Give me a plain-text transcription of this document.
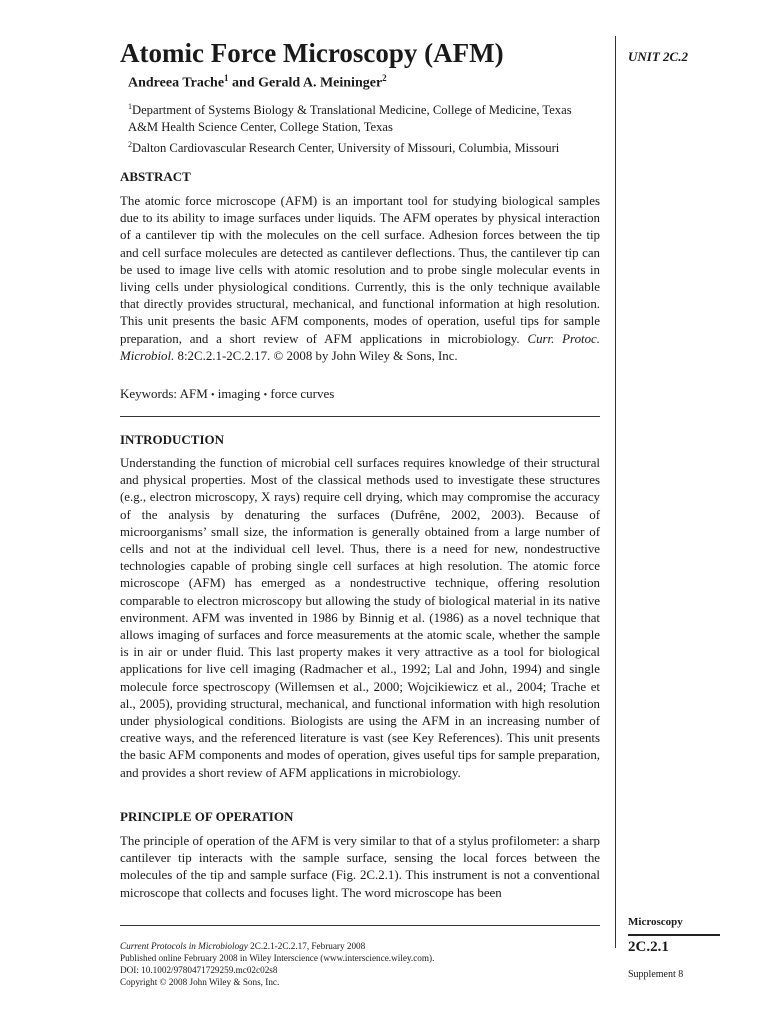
Atomic Force Microscopy (AFM)
Andreea Trache$^1$ and Gerald A. Meininger$^2$

$^1$Department of Systems Biology & Translational Medicine, College of Medicine, Texas A&M Health Science Center, College Station, Texas

$^2$Dalton Cardiovascular Research Center, University of Missouri, Columbia, Missouri

UNIT 2C.2
ABSTRACT

The atomic force microscope (AFM) is an important tool for studying biological samples due to its ability to image surfaces under liquids. The AFM operates by physical interaction of a cantilever tip with the molecules on the cell surface. Adhesion forces between the tip and cell surface molecules are detected as cantilever deflections. Thus, the cantilever tip can be used to image live cells with atomic resolution and to probe single molecular events in living cells under physiological conditions. Currently, this is the only technique available that directly provides structural, mechanical, and functional information at high resolution. This unit presents the basic AFM components, modes of operation, useful tips for sample preparation, and a short review of AFM applications in microbiology. Curr. Protoc. Microbiol. 8:2C.2.1-2C.2.17. © 2008 by John Wiley & Sons, Inc.

Keywords: AFM • imaging • force curves
INTRODUCTION

Understanding the function of microbial cell surfaces requires knowledge of their structural and physical properties. Most of the classical methods used to investigate these structures (e.g., electron microscopy, X rays) require cell drying, which may compromise the accuracy of the analysis by denaturing the surfaces (Dufrêne, 2002, 2003). Because of microorganisms’ small size, the information is generally obtained from a large number of cells and not at the individual cell level. Thus, there is a need for new, nondestructive technologies capable of probing single cell surfaces at high resolution. The atomic force microscope (AFM) has emerged as a nondestructive technique, offering resolution comparable to electron microscopy but allowing the study of biological material in its native environment. AFM was invented in 1986 by Binnig et al. (1986) as a novel technique that allows imaging of surfaces and force measurements at the atomic scale, whether the sample is in air or under fluid. This last property makes it very attractive as a tool for biological applications for live cell imaging (Radmacher et al., 1992; Lal and John, 1994) and single molecule force spectroscopy (Willemsen et al., 2000; Wojcikiewicz et al., 2004; Trache et al., 2005), providing structural, mechanical, and functional information with high resolution under physiological conditions. Biologists are using the AFM in an increasing number of creative ways, and the referenced literature is vast (see Key References). This unit presents the basic AFM components and modes of operation, gives useful tips for sample preparation, and provides a short review of AFM applications in microbiology.

PRINCIPLE OF OPERATION

The principle of operation of the AFM is very similar to that of a stylus profilometer: a sharp cantilever tip interacts with the sample surface, sensing the local forces between the molecules of the tip and sample surface (Fig. 2C.2.1). This instrument is not a conventional microscope that collects and focuses light. The word microscope has been

Current Protocols in Microbiology 2C.2.1-2C.2.17, February 2008
Published online February 2008 in Wiley Interscience (www.interscience.wiley.com).
DOI: 10.1002/9780471729259.mc02c02s8
Copyright © 2008 John Wiley & Sons, Inc.
Microscopy
2C.2.1
Supplement 8
